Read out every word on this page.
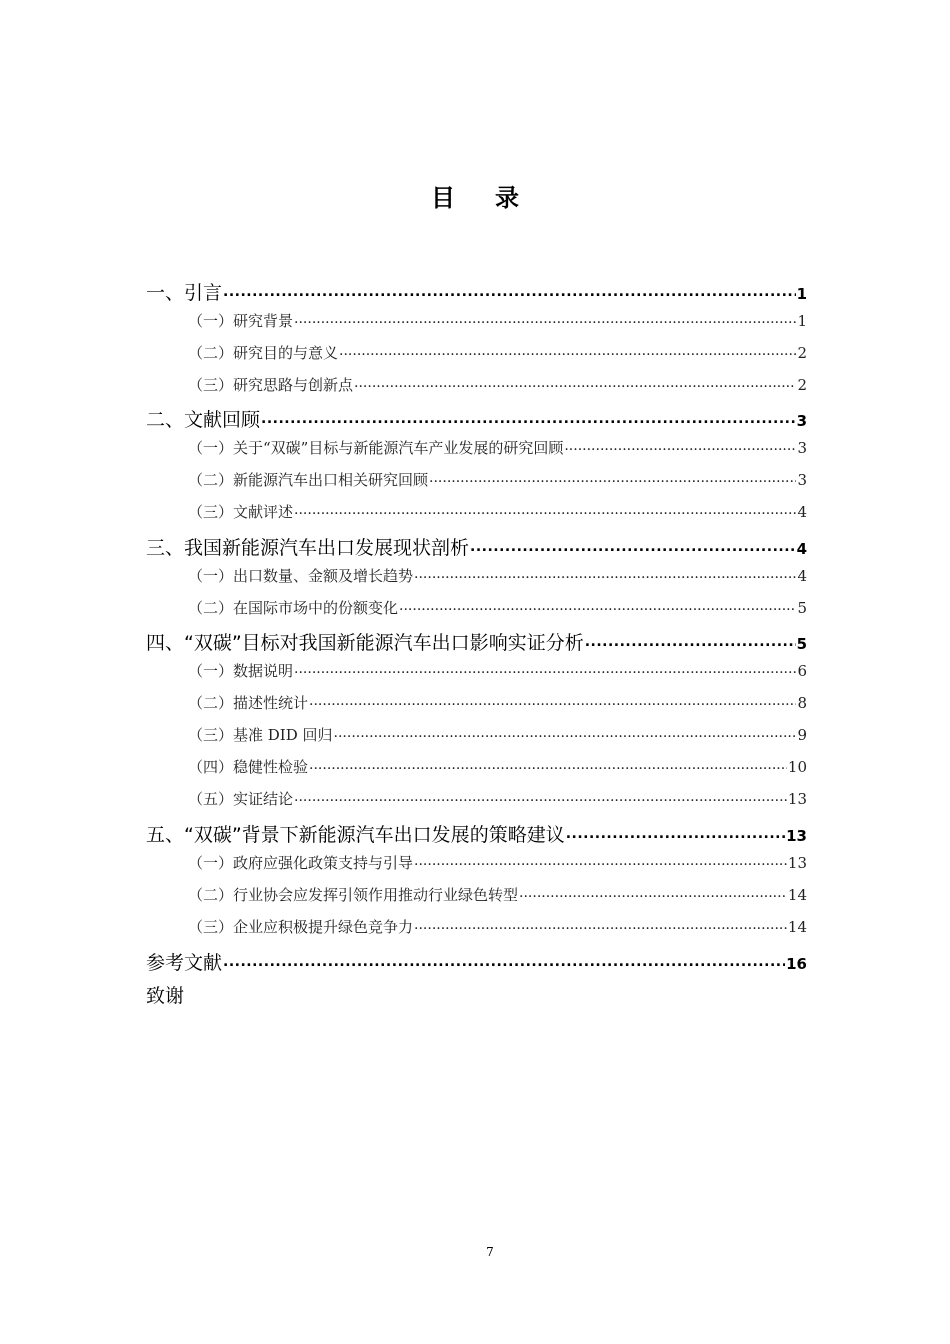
目录
一、引言 .....	1
（一）研究背景 .....	1
（二）研究目的与意义 .....	2
（三）研究思路与创新点 .....	2
二、文献回顾 .....	3
（一）关于“双碳”目标与新能源汽车产业发展的研究回顾 .....	3
（二）新能源汽车出口相关研究回顾 .....	3
（三）文献评述 .....	4
三、我国新能源汽车出口发展现状剖析 .....	4
（一）出口数量、金额及增长趋势 .....	4
（二）在国际市场中的份额变化 .....	5
四、“双碳”目标对我国新能源汽车出口影响实证分析 .....	5
（一）数据说明 .....	6
（二）描述性统计 .....	8
（三）基准 DID 回归 .....	9
（四）稳健性检验 .....	10
（五）实证结论 .....	13
五、“双碳”背景下新能源汽车出口发展的策略建议 .....	13
（一）政府应强化政策支持与引导 .....	13
（二）行业协会应发挥引领作用推动行业绿色转型 .....	14
（三）企业应积极提升绿色竞争力 .....	14
参考文献 .....	16
致谢
7
